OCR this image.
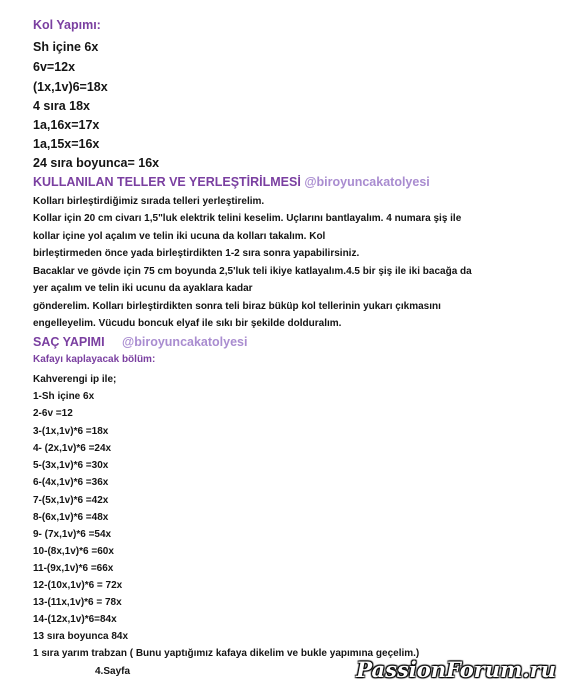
Kol Yapımı:
Sh içine 6x
6v=12x
(1x,1v)6=18x
4 sıra 18x
1a,16x=17x
1a,15x=16x
24 sıra boyunca= 16x
KULLANILAN TELLER VE YERLEŞTİRİLMESİ @biroyuncakatolyesi
Kolları birleştirdiğimiz sırada telleri yerleştirelim.
Kollar için 20 cm civarı 1,5"luk elektrik telini keselim. Uçlarını bantlayalım. 4 numara şiş ile
kollar içine yol açalım ve telin iki ucuna da kolları takalım. Kol
birleştirmeden önce yada birleştirdikten 1-2 sıra sonra yapabilirsiniz.
Bacaklar ve gövde için 75 cm boyunda 2,5'luk teli ikiye katlayalım.4.5 bir şiş ile iki bacağa da
yer açalım ve telin iki ucunu da ayaklara kadar
gönderelim. Kolları birleştirdikten sonra teli biraz büküp kol tellerinin yukarı çıkmasını
engelleyelim. Vücudu boncuk elyaf ile sıkı bir şekilde dolduralım.
SAÇ YAPIMI @biroyuncakatolyesi
Kafayı kaplayacak bölüm:
Kahverengi ip ile;
1-Sh içine 6x
2-6v =12
3-(1x,1v)*6 =18x
4- (2x,1v)*6 =24x
5-(3x,1v)*6 =30x
6-(4x,1v)*6 =36x
7-(5x,1v)*6 =42x
8-(6x,1v)*6 =48x
9- (7x,1v)*6 =54x
10-(8x,1v)*6 =60x
11-(9x,1v)*6 =66x
12-(10x,1v)*6 = 72x
13-(11x,1v)*6 = 78x
14-(12x,1v)*6=84x
13 sıra boyunca 84x
1 sıra yarım trabzan ( Bunu yaptığımız kafaya dikelim ve bukle yapımına geçelim.)
4.Sayfa	PassionForum.ru
